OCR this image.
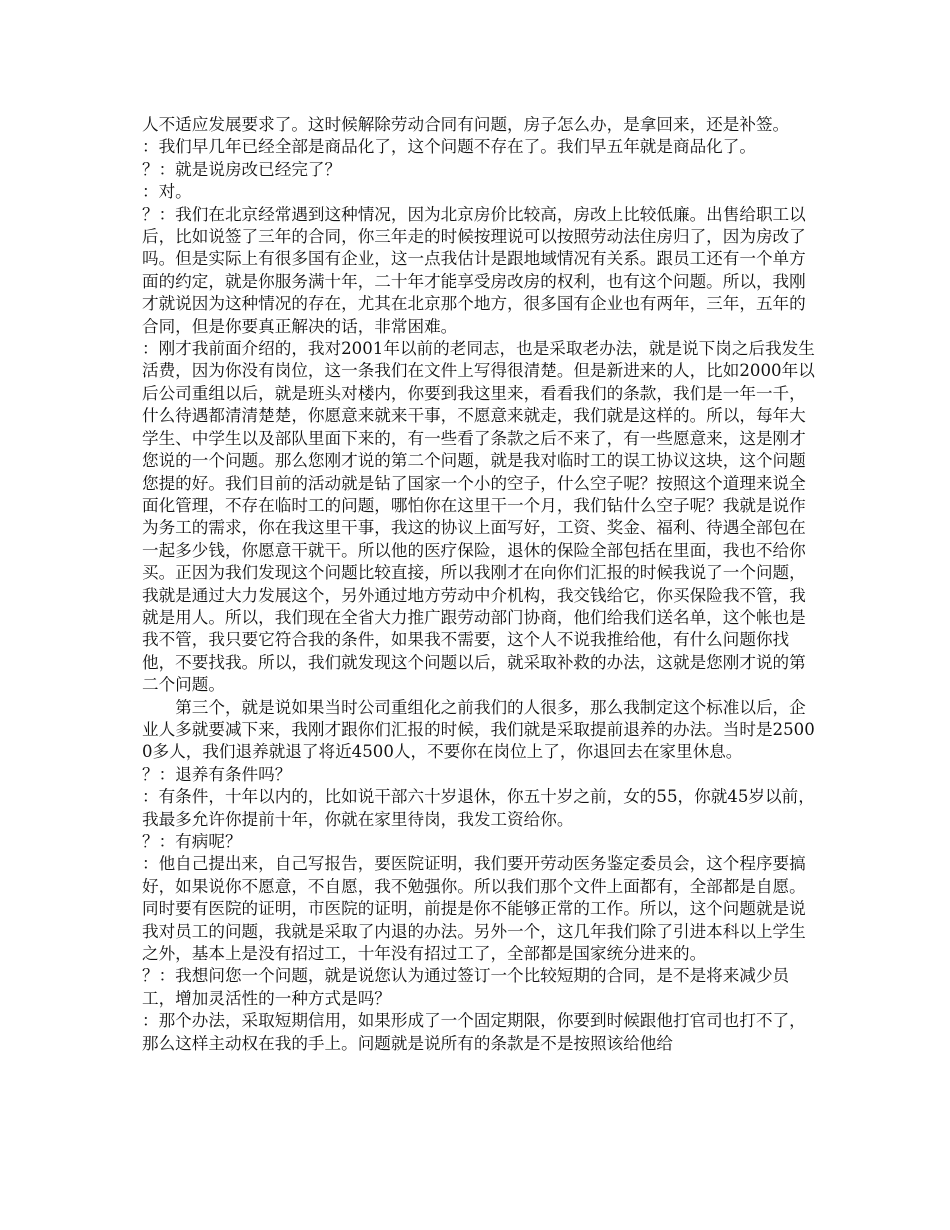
人不适应发展要求了。这时候解除劳动合同有问题，房子怎么办，是拿回来，还是补签。

：我们早几年已经全部是商品化了，这个问题不存在了。我们早五年就是商品化了。

？：就是说房改已经完了？

：对。

？：我们在北京经常遇到这种情况，因为北京房价比较高，房改上比较低廉。出售给职工以后，比如说签了三年的合同，你三年走的时候按理说可以按照劳动法住房归了，因为房改了吗。但是实际上有很多国有企业，这一点我估计是跟地域情况有关系。跟员工还有一个单方面的约定，就是你服务满十年，二十年才能享受房改房的权利，也有这个问题。所以，我刚才就说因为这种情况的存在，尤其在北京那个地方，很多国有企业也有两年，三年，五年的合同，但是你要真正解决的话，非常困难。

：刚才我前面介绍的，我对2001年以前的老同志，也是采取老办法，就是说下岗之后我发生活费，因为你没有岗位，这一条我们在文件上写得很清楚。但是新进来的人，比如2000年以后公司重组以后，就是班头对楼内，你要到我这里来，看看我们的条款，我们是一年一千，什么待遇都清清楚楚，你愿意来就来干事，不愿意来就走，我们就是这样的。所以，每年大学生、中学生以及部队里面下来的，有一些看了条款之后不来了，有一些愿意来，这是刚才您说的一个问题。那么您刚才说的第二个问题，就是我对临时工的误工协议这块，这个问题您提的好。我们目前的活动就是钻了国家一个小的空子，什么空子呢？按照这个道理来说全面化管理，不存在临时工的问题，哪怕你在这里干一个月，我们钻什么空子呢？我就是说作为务工的需求，你在我这里干事，我这的协议上面写好，工资、奖金、福利、待遇全部包在一起多少钱，你愿意干就干。所以他的医疗保险，退休的保险全部包括在里面，我也不给你买。正因为我们发现这个问题比较直接，所以我刚才在向你们汇报的时候我说了一个问题，我就是通过大力发展这个，另外通过地方劳动中介机构，我交钱给它，你买保险我不管，我就是用人。所以，我们现在全省大力推广跟劳动部门协商，他们给我们送名单，这个帐也是我不管，我只要它符合我的条件，如果我不需要，这个人不说我推给他，有什么问题你找他，不要找我。所以，我们就发现这个问题以后，就采取补救的办法，这就是您刚才说的第二个问题。

第三个，就是说如果当时公司重组化之前我们的人很多，那么我制定这个标准以后，企业人多就要减下来，我刚才跟你们汇报的时候，我们就是采取提前退养的办法。当时是25000多人，我们退养就退了将近4500人，不要你在岗位上了，你退回去在家里休息。

？：退养有条件吗？

：有条件，十年以内的，比如说干部六十岁退休，你五十岁之前，女的55，你就45岁以前，我最多允许你提前十年，你就在家里待岗，我发工资给你。

？：有病呢？

：他自己提出来，自己写报告，要医院证明，我们要开劳动医务鉴定委员会，这个程序要搞好，如果说你不愿意，不自愿，我不勉强你。所以我们那个文件上面都有，全部都是自愿。同时要有医院的证明，市医院的证明，前提是你不能够正常的工作。所以，这个问题就是说我对员工的问题，我就是采取了内退的办法。另外一个，这几年我们除了引进本科以上学生之外，基本上是没有招过工，十年没有招过工了，全部都是国家统分进来的。

？：我想问您一个问题，就是说您认为通过签订一个比较短期的合同，是不是将来减少员工，增加灵活性的一种方式是吗？

：那个办法，采取短期信用，如果形成了一个固定期限，你要到时候跟他打官司也打不了，那么这样主动权在我的手上。问题就是说所有的条款是不是按照该给他给
